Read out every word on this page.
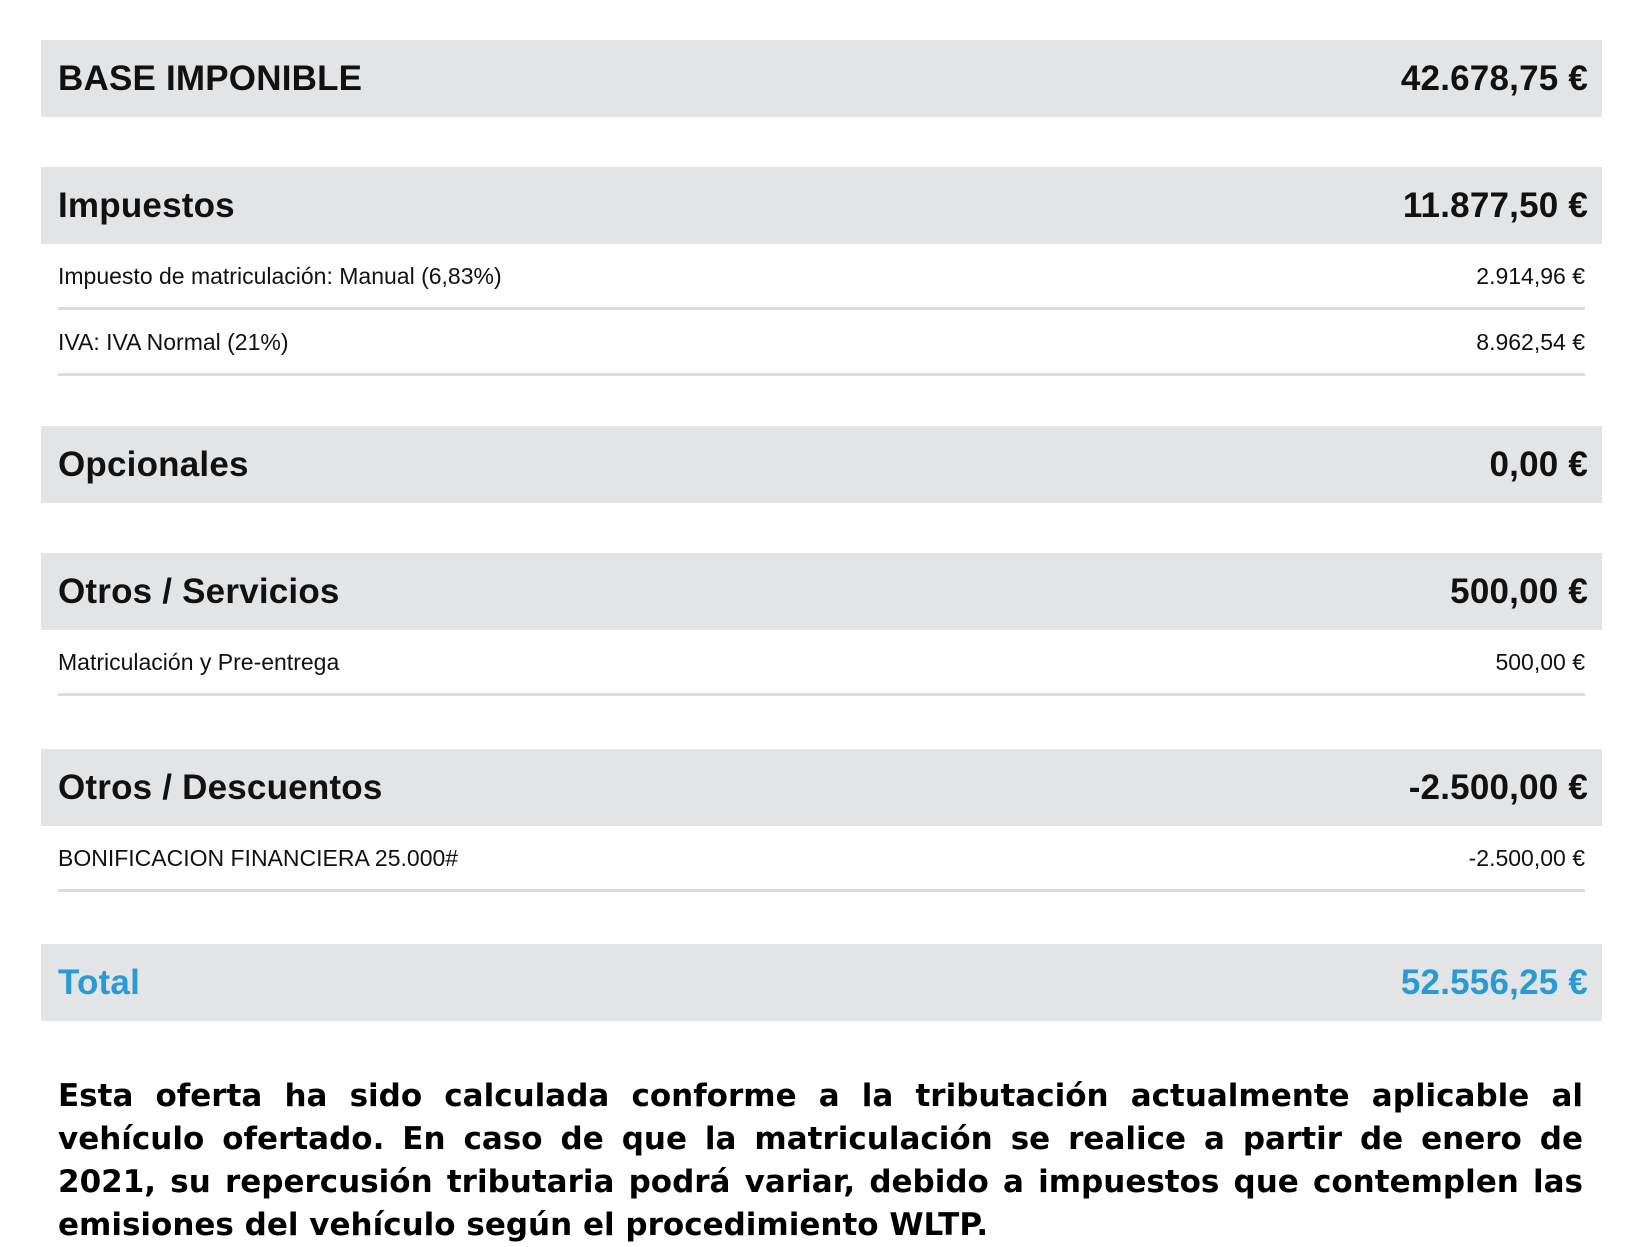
BASE IMPONIBLE	42.678,75 €
Impuestos	11.877,50 €
Impuesto de matriculación: Manual (6,83%)	2.914,96 €
IVA: IVA Normal (21%)	8.962,54 €
Opcionales	0,00 €
Otros / Servicios	500,00 €
Matriculación y Pre-entrega	500,00 €
Otros / Descuentos	-2.500,00 €
BONIFICACION FINANCIERA 25.000#	-2.500,00 €
Total	52.556,25 €

Esta oferta ha sido calculada conforme a la tributación actualmente aplicable al vehículo ofertado. En caso de que la matriculación se realice a partir de enero de 2021, su repercusión tributaria podrá variar, debido a impuestos que contemplen las emisiones del vehículo según el procedimiento WLTP.
